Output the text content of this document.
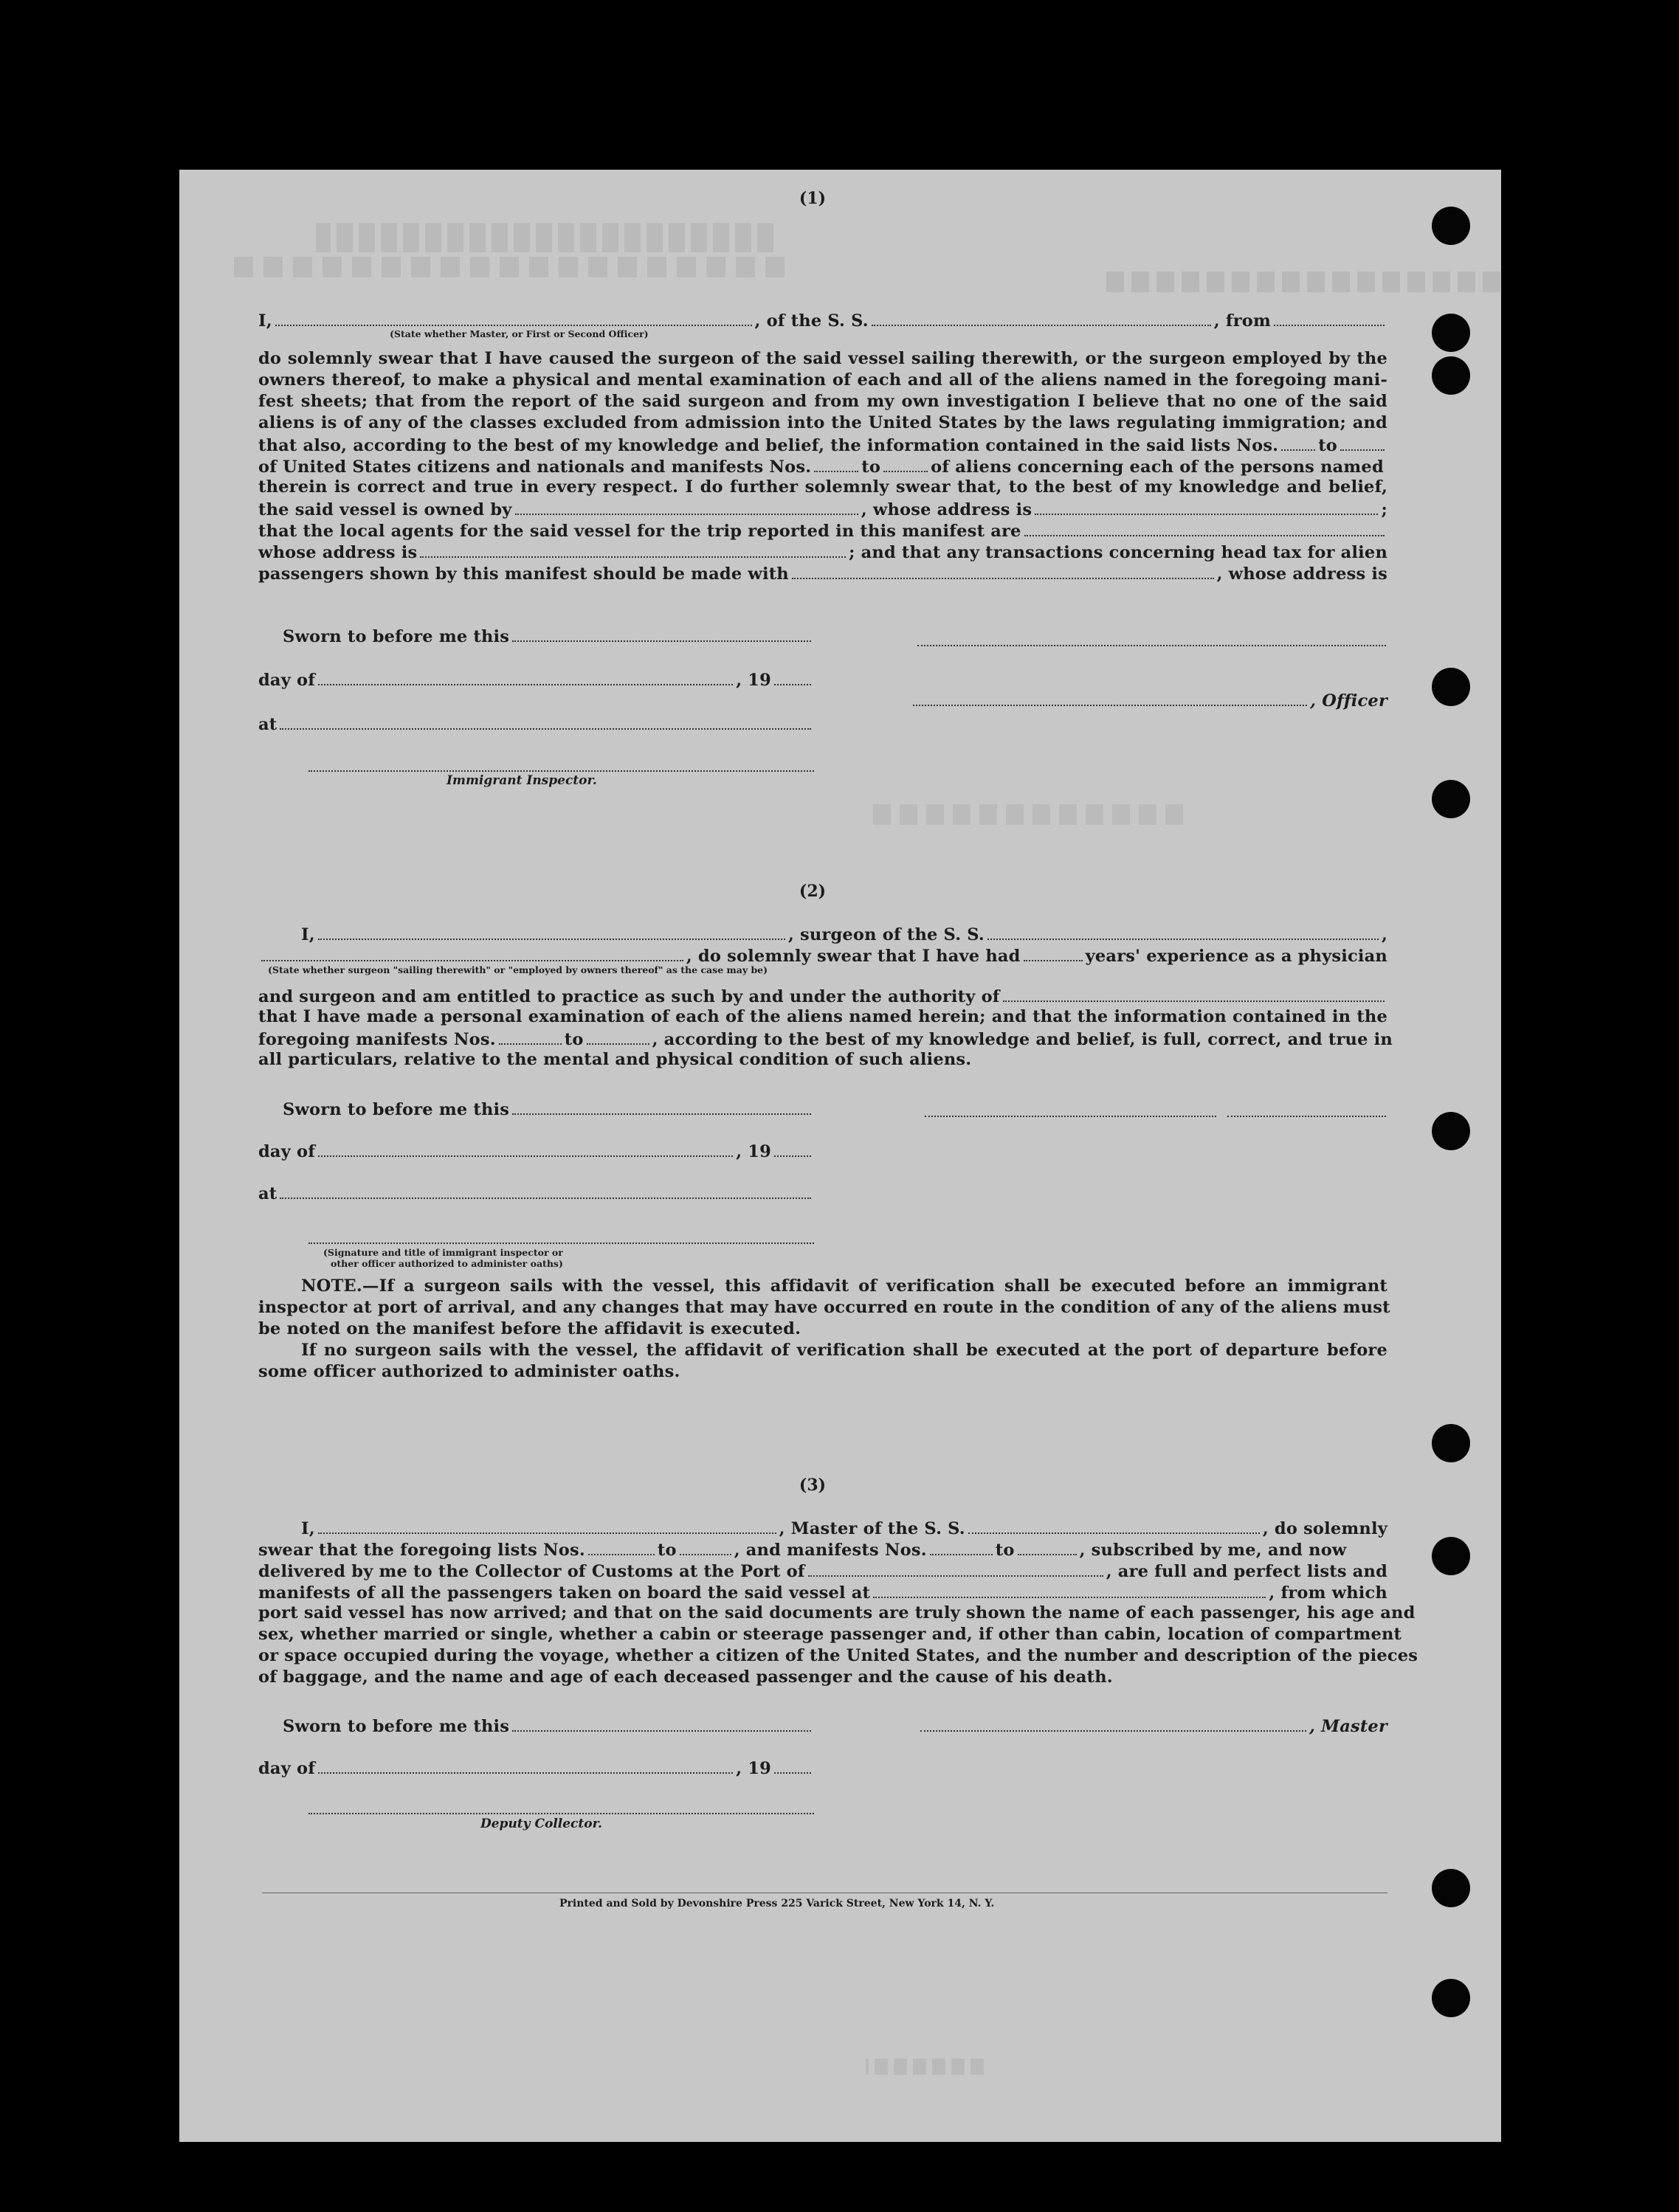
(1)
I,	, of the S. S.	, from
(State whether Master, or First or Second Officer)
do solemnly swear that I have caused the surgeon of the said vessel sailing therewith, or the surgeon employed by the
owners thereof, to make a physical and mental examination of each and all of the aliens named in the foregoing mani-
fest sheets; that from the report of the said surgeon and from my own investigation I believe that no one of the said
aliens is of any of the classes excluded from admission into the United States by the laws regulating immigration; and
that also, according to the best of my knowledge and belief, the information contained in the said lists Nos. to
of United States citizens and nationals and manifests Nos.	to	of aliens concerning each of the persons named
therein is correct and true in every respect. I do further solemnly swear that, to the best of my knowledge and belief,
the said vessel is owned by	, whose address is	;
that the local agents for the said vessel for the trip reported in this manifest are
whose address is	; and that any transactions concerning head tax for alien
passengers shown by this manifest should be made with	, whose address is
Sworn to before me this
day of	, 19
, Officer
at
Immigrant Inspector.
(2)
I,	, surgeon of the S. S.	,
, do solemnly swear that I have had	years' experience as a physician
(State whether surgeon "sailing therewith" or "employed by owners thereof" as the case may be)
and surgeon and am entitled to practice as such by and under the authority of
that I have made a personal examination of each of the aliens named herein; and that the information contained in the
foregoing manifests Nos.	to	, according to the best of my knowledge and belief, is full, correct, and true in
all particulars, relative to the mental and physical condition of such aliens.
Sworn to before me this
day of	, 19
at
(Signature and title of immigrant inspector or
other officer authorized to administer oaths)
NOTE.—If a surgeon sails with the vessel, this affidavit of verification shall be executed before an immigrant
inspector at port of arrival, and any changes that may have occurred en route in the condition of any of the aliens must
be noted on the manifest before the affidavit is executed.
If no surgeon sails with the vessel, the affidavit of verification shall be executed at the port of departure before
some officer authorized to administer oaths.
(3)
I,	, Master of the S. S.	, do solemnly
swear that the foregoing lists Nos.	to	, and manifests Nos.	to	, subscribed by me, and now
delivered by me to the Collector of Customs at the Port of	, are full and perfect lists and
manifests of all the passengers taken on board the said vessel at	, from which
port said vessel has now arrived; and that on the said documents are truly shown the name of each passenger, his age and
sex, whether married or single, whether a cabin or steerage passenger and, if other than cabin, location of compartment
or space occupied during the voyage, whether a citizen of the United States, and the number and description of the pieces
of baggage, and the name and age of each deceased passenger and the cause of his death.
Sworn to before me this	, Master
day of	, 19
Deputy Collector.
Printed and Sold by Devonshire Press 225 Varick Street, New York 14, N. Y.
